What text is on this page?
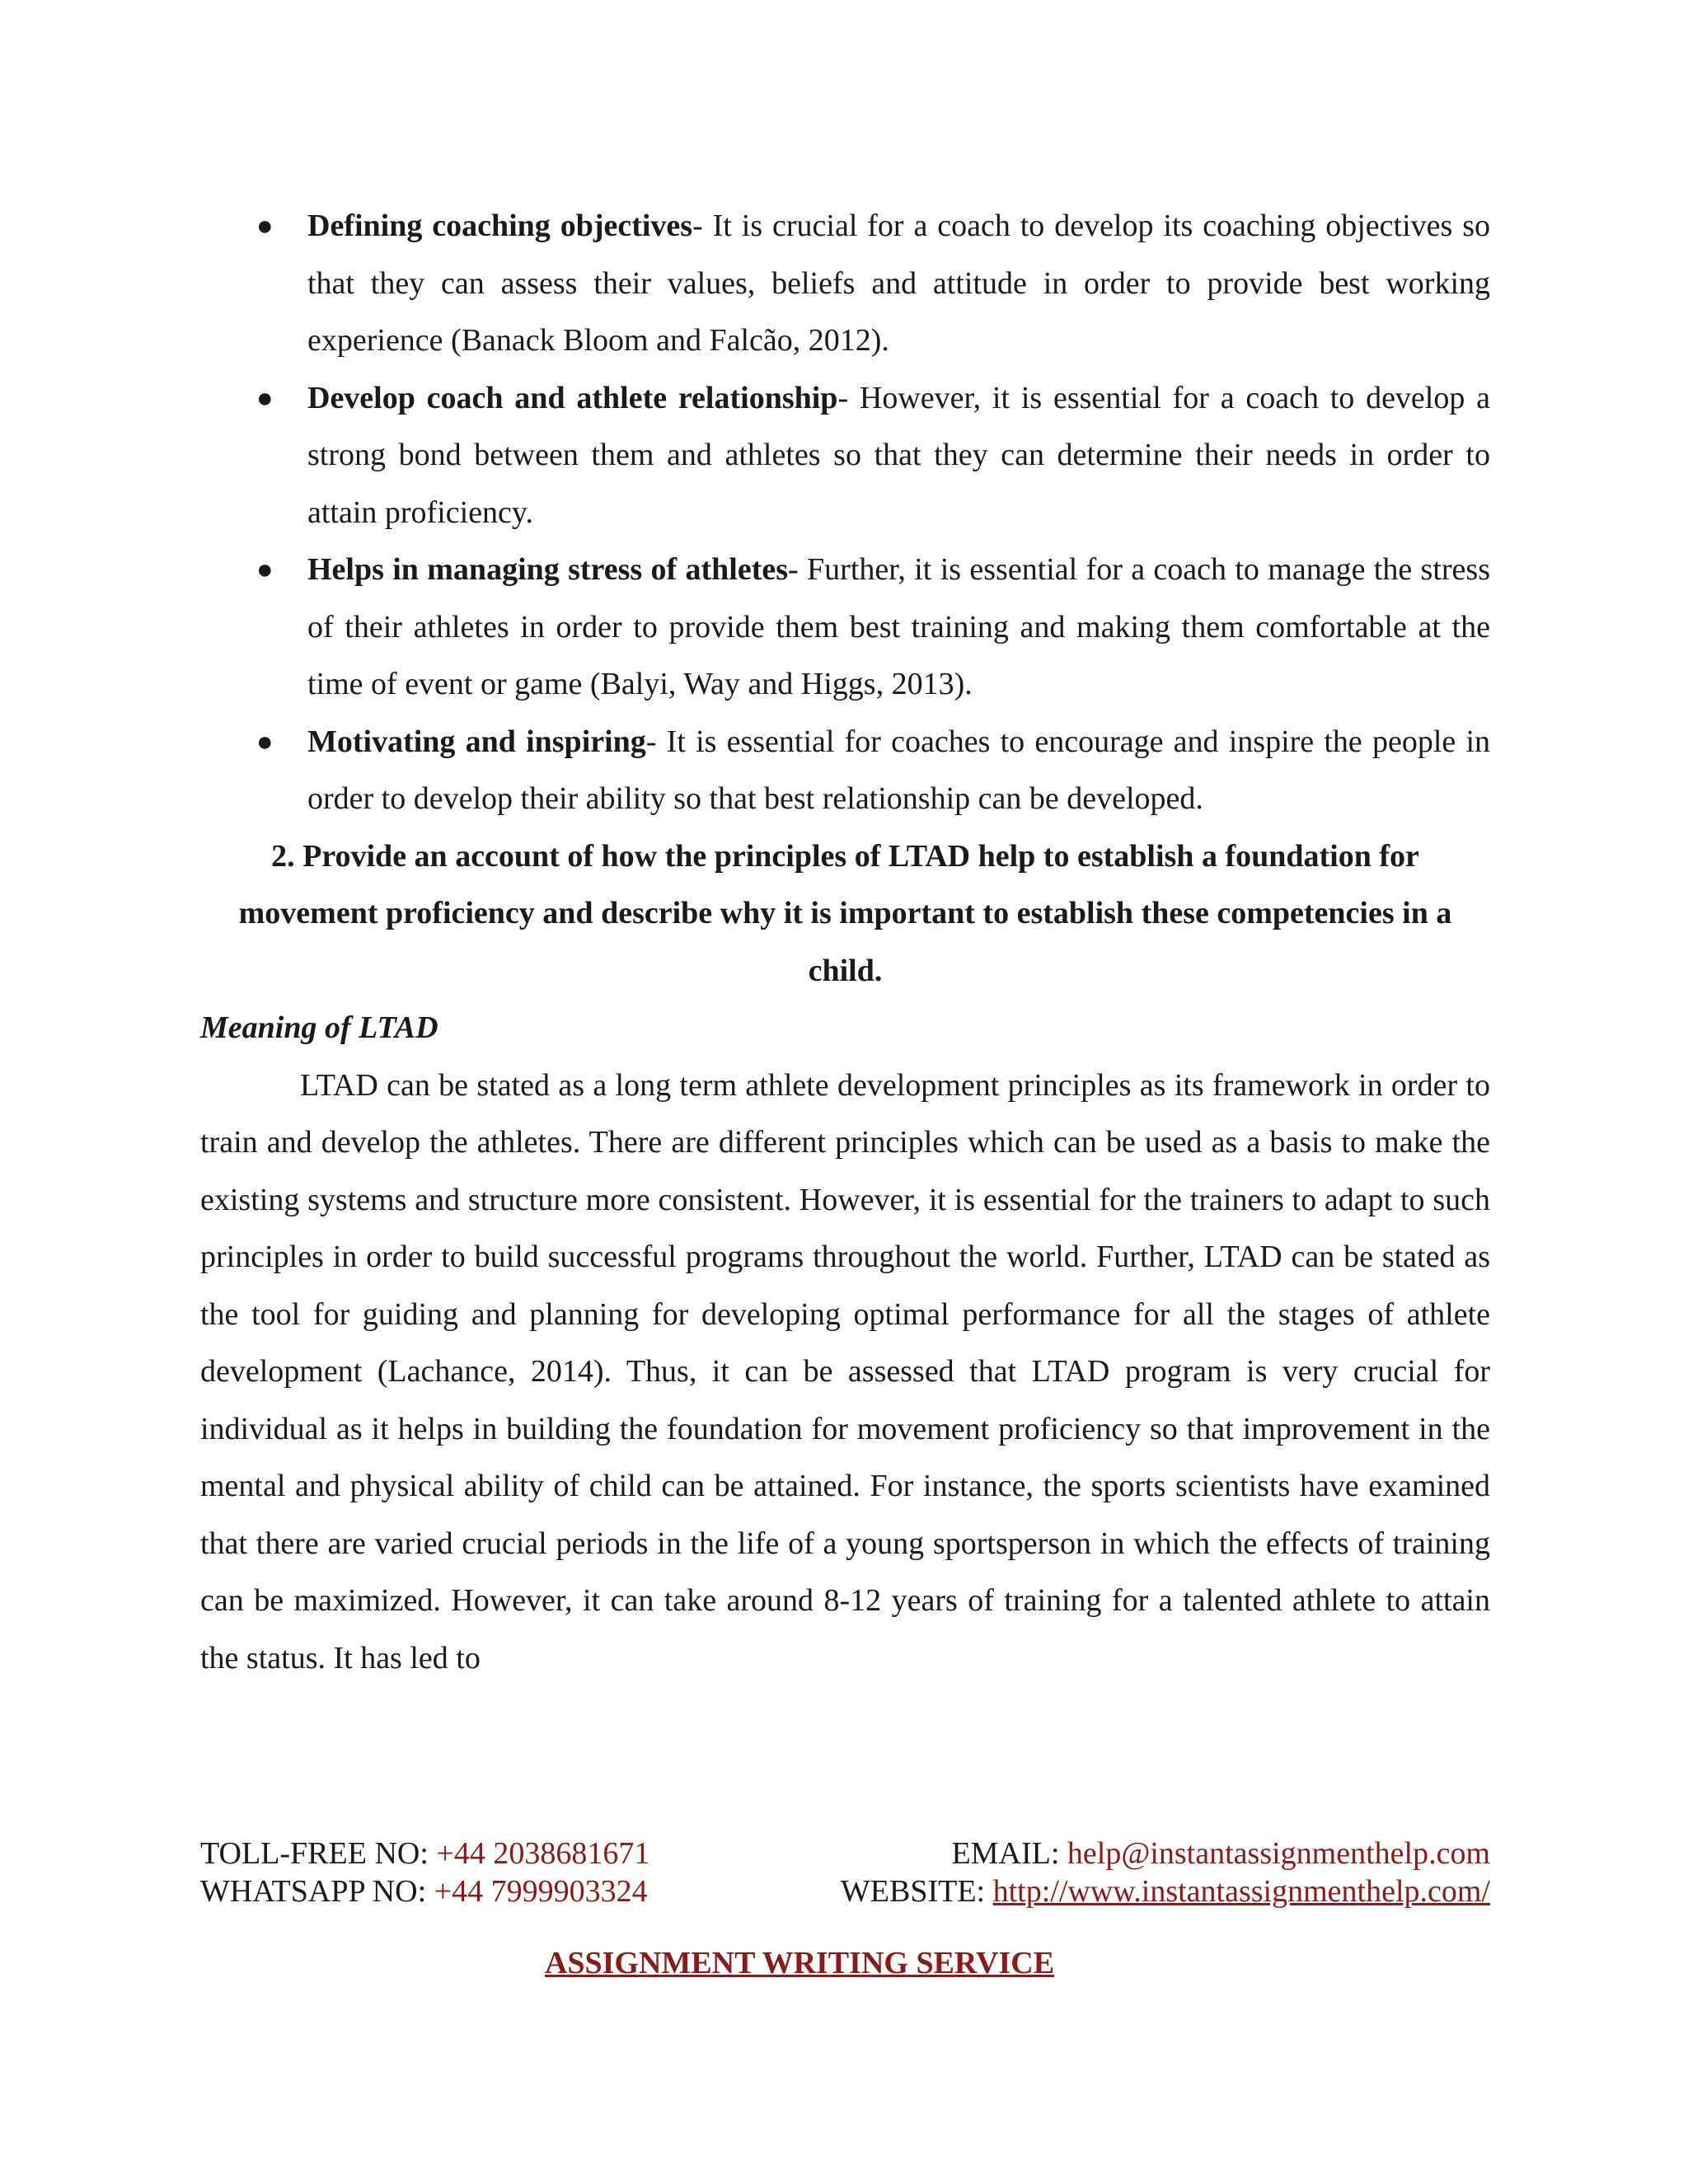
● Defining coaching objectives- It is crucial for a coach to develop its coaching objectives so that they can assess their values, beliefs and attitude in order to provide best working experience (Banack Bloom and Falcão, 2012).
● Develop coach and athlete relationship- However, it is essential for a coach to develop a strong bond between them and athletes so that they can determine their needs in order to attain proficiency.
● Helps in managing stress of athletes- Further, it is essential for a coach to manage the stress of their athletes in order to provide them best training and making them comfortable at the time of event or game (Balyi, Way and Higgs, 2013).
● Motivating and inspiring- It is essential for coaches to encourage and inspire the people in order to develop their ability so that best relationship can be developed.

2. Provide an account of how the principles of LTAD help to establish a foundation for movement proficiency and describe why it is important to establish these competencies in a child.

Meaning of LTAD

LTAD can be stated as a long term athlete development principles as its framework in order to train and develop the athletes. There are different principles which can be used as a basis to make the existing systems and structure more consistent. However, it is essential for the trainers to adapt to such principles in order to build successful programs throughout the world. Further, LTAD can be stated as the tool for guiding and planning for developing optimal performance for all the stages of athlete development (Lachance, 2014). Thus, it can be assessed that LTAD program is very crucial for individual as it helps in building the foundation for movement proficiency so that improvement in the mental and physical ability of child can be attained. For instance, the sports scientists have examined that there are varied crucial periods in the life of a young sportsperson in which the effects of training can be maximized. However, it can take around 8-12 years of training for a talented athlete to attain the status. It has led to

TOLL-FREE NO: +44 2038681671	EMAIL: help@instantassignmenthelp.com
WHATSAPP NO: +44 7999903324	WEBSITE: http://www.instantassignmenthelp.com/
ASSIGNMENT WRITING SERVICE
